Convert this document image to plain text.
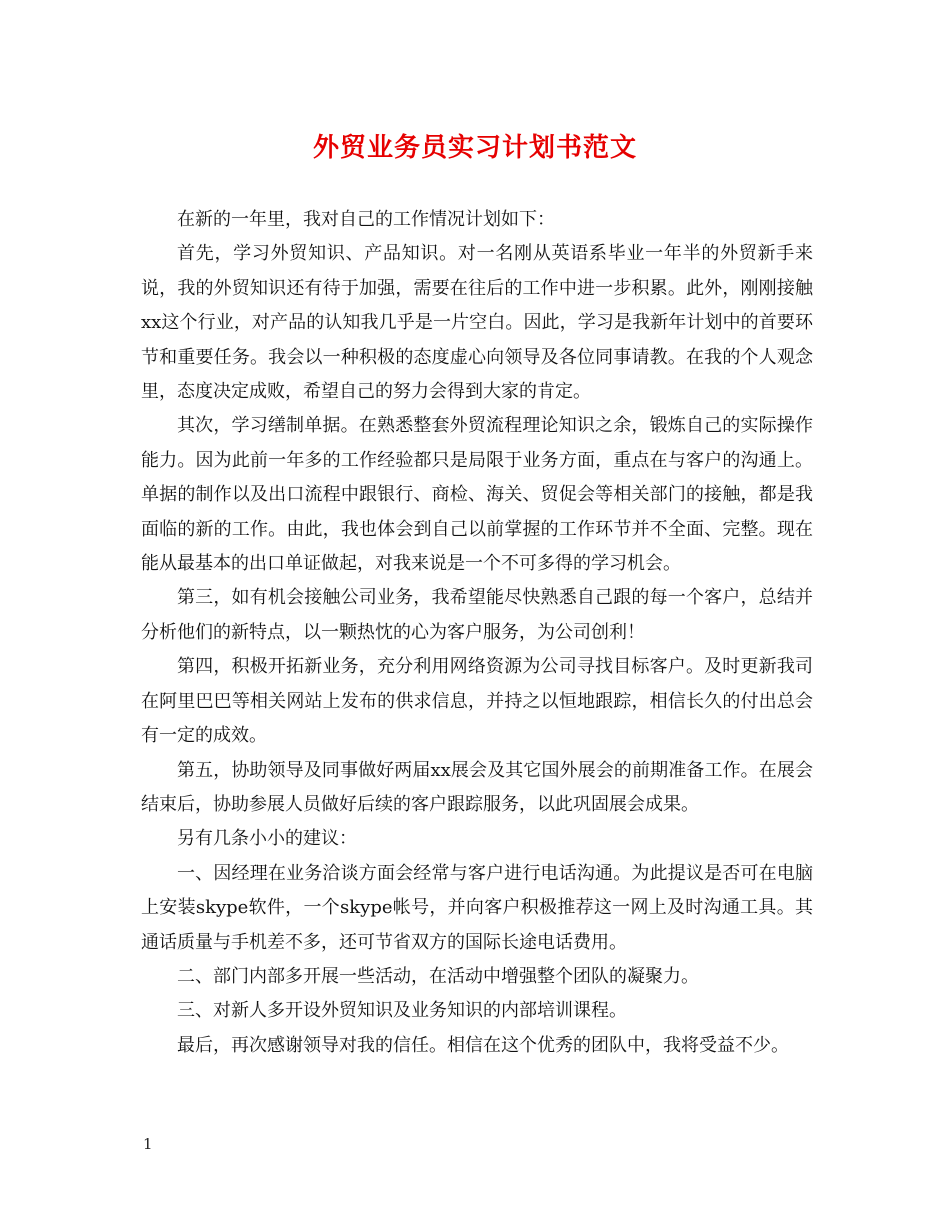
外贸业务员实习计划书范文

在新的一年里，我对自己的工作情况计划如下：

首先，学习外贸知识、产品知识。对一名刚从英语系毕业一年半的外贸新手来说，我的外贸知识还有待于加强，需要在往后的工作中进一步积累。此外，刚刚接触xx这个行业，对产品的认知我几乎是一片空白。因此，学习是我新年计划中的首要环节和重要任务。我会以一种积极的态度虚心向领导及各位同事请教。在我的个人观念里，态度决定成败，希望自己的努力会得到大家的肯定。

其次，学习缮制单据。在熟悉整套外贸流程理论知识之余，锻炼自己的实际操作能力。因为此前一年多的工作经验都只是局限于业务方面，重点在与客户的沟通上。单据的制作以及出口流程中跟银行、商检、海关、贸促会等相关部门的接触，都是我面临的新的工作。由此，我也体会到自己以前掌握的工作环节并不全面、完整。现在能从最基本的出口单证做起，对我来说是一个不可多得的学习机会。

第三，如有机会接触公司业务，我希望能尽快熟悉自己跟的每一个客户，总结并分析他们的新特点，以一颗热忱的心为客户服务，为公司创利！

第四，积极开拓新业务，充分利用网络资源为公司寻找目标客户。及时更新我司在阿里巴巴等相关网站上发布的供求信息，并持之以恒地跟踪，相信长久的付出总会有一定的成效。

第五，协助领导及同事做好两届xx展会及其它国外展会的前期准备工作。在展会结束后，协助参展人员做好后续的客户跟踪服务，以此巩固展会成果。

另有几条小小的建议：

一、因经理在业务洽谈方面会经常与客户进行电话沟通。为此提议是否可在电脑上安装skype软件，一个skype帐号，并向客户积极推荐这一网上及时沟通工具。其通话质量与手机差不多，还可节省双方的国际长途电话费用。

二、部门内部多开展一些活动，在活动中增强整个团队的凝聚力。

三、对新人多开设外贸知识及业务知识的内部培训课程。

最后，再次感谢领导对我的信任。相信在这个优秀的团队中，我将受益不少。

1
